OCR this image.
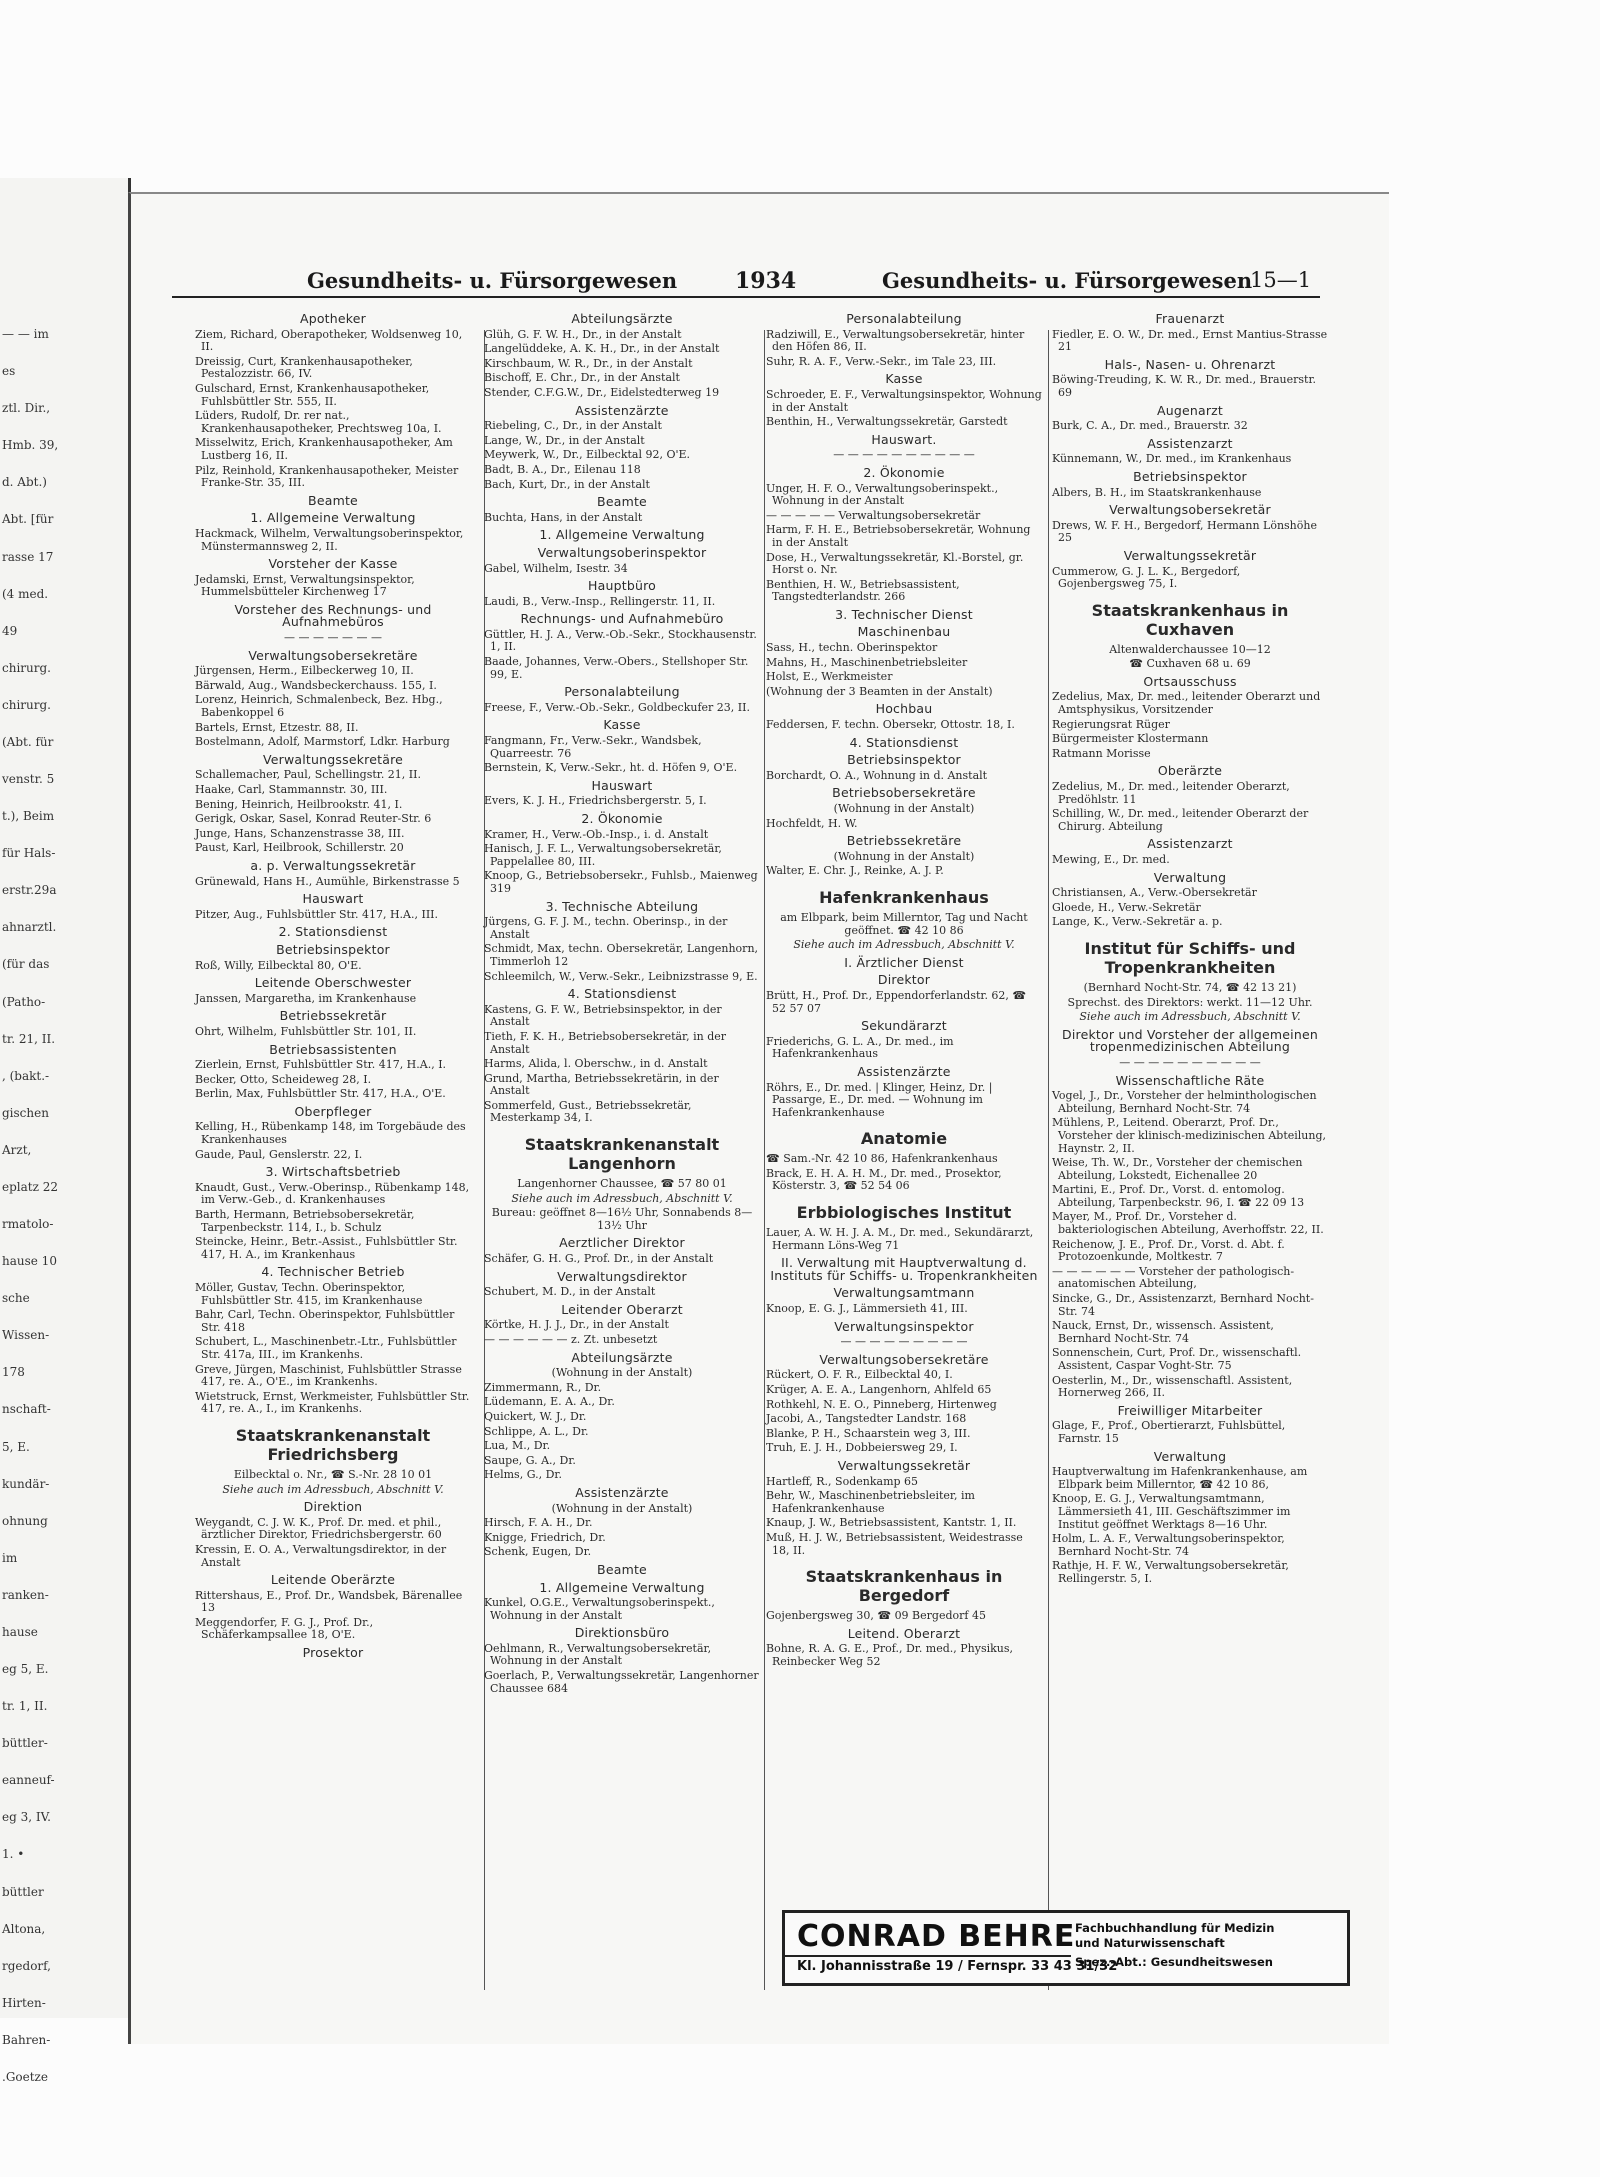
— — im
es
ztl. Dir.,
Hmb. 39,
d. Abt.)
Abt. [für
rasse 17
(4 med.
49
chirurg.
chirurg.
(Abt. für
venstr. 5
t.), Beim
für Hals-
erstr.29a
ahnarztl.
(für das
(Patho-
tr. 21, II.
, (bakt.-
gischen
Arzt,
eplatz 22
rmatolo-
hause 10
sche
Wissen-
178
nschaft-
5, E.
kundär-
ohnung
im
ranken-
hause
eg 5, E.
tr. 1, II.
büttler-
eanneuf-
eg 3, IV.
1. •
büttler
Altona,
rgedorf,
Hirten-
Bahren-
.Goetze
Gesundheits- u. Fürsorgewesen	1934	Gesundheits- u. Fürsorgewesen
15—1

Apotheker

Ziem, Richard, Oberapotheker, Woldsenweg 10, II.

Dreissig, Curt, Krankenhausapotheker, Pestalozzistr. 66, IV.

Gulschard, Ernst, Krankenhausapotheker, Fuhlsbüttler Str. 555, II.

Lüders, Rudolf, Dr. rer nat., Krankenhausapotheker, Prechtsweg 10a, I.

Misselwitz, Erich, Krankenhausapotheker, Am Lustberg 16, II.

Pilz, Reinhold, Krankenhausapotheker, Meister Franke-Str. 35, III.

Beamte

1. Allgemeine Verwaltung

Hackmack, Wilhelm, Verwaltungsoberinspektor, Münstermannsweg 2, II.

Vorsteher der Kasse

Jedamski, Ernst, Verwaltungsinspektor, Hummelsbütteler Kirchenweg 17

Vorsteher des Rechnungs- und Aufnahmebüros

— — — — — — —

Verwaltungsobersekretäre

Jürgensen, Herm., Eilbeckerweg 10, II.

Bärwald, Aug., Wandsbeckerchauss. 155, I.

Lorenz, Heinrich, Schmalenbeck, Bez. Hbg., Babenkoppel 6

Bartels, Ernst, Etzestr. 88, II.

Bostelmann, Adolf, Marmstorf, Ldkr. Harburg

Verwaltungssekretäre

Schallemacher, Paul, Schellingstr. 21, II.

Haake, Carl, Stammannstr. 30, III.

Bening, Heinrich, Heilbrookstr. 41, I.

Gerigk, Oskar, Sasel, Konrad Reuter-Str. 6

Junge, Hans, Schanzenstrasse 38, III.

Paust, Karl, Heilbrook, Schillerstr. 20

a. p. Verwaltungssekretär

Grünewald, Hans H., Aumühle, Birkenstrasse 5

Hauswart

Pitzer, Aug., Fuhlsbüttler Str. 417, H.A., III.

2. Stationsdienst

Betriebsinspektor

Roß, Willy, Eilbecktal 80, O'E.

Leitende Oberschwester

Janssen, Margaretha, im Krankenhause

Betriebssekretär

Ohrt, Wilhelm, Fuhlsbüttler Str. 101, II.

Betriebsassistenten

Zierlein, Ernst, Fuhlsbüttler Str. 417, H.A., I.

Becker, Otto, Scheideweg 28, I.

Berlin, Max, Fuhlsbüttler Str. 417, H.A., O'E.

Oberpfleger

Kelling, H., Rübenkamp 148, im Torgebäude des Krankenhauses

Gaude, Paul, Genslerstr. 22, I.

3. Wirtschaftsbetrieb

Knaudt, Gust., Verw.-Oberinsp., Rübenkamp 148, im Verw.-Geb., d. Krankenhauses

Barth, Hermann, Betriebsobersekretär, Tarpenbeckstr. 114, I., b. Schulz

Steincke, Heinr., Betr.-Assist., Fuhlsbüttler Str. 417, H. A., im Krankenhaus

4. Technischer Betrieb

Möller, Gustav, Techn. Oberinspektor, Fuhlsbüttler Str. 415, im Krankenhause

Bahr, Carl, Techn. Oberinspektor, Fuhlsbüttler Str. 418

Schubert, L., Maschinenbetr.-Ltr., Fuhlsbüttler Str. 417a, III., im Krankenhs.

Greve, Jürgen, Maschinist, Fuhlsbüttler Strasse 417, re. A., O'E., im Krankenhs.

Wietstruck, Ernst, Werkmeister, Fuhlsbüttler Str. 417, re. A., I., im Krankenhs.

Staatskrankenanstalt Friedrichsberg

Eilbecktal o. Nr., ☎ S.-Nr. 28 10 01

Siehe auch im Adressbuch, Abschnitt V.

Direktion

Weygandt, C. J. W. K., Prof. Dr. med. et phil., ärztlicher Direktor, Friedrichsbergerstr. 60

Kressin, E. O. A., Verwaltungsdirektor, in der Anstalt

Leitende Oberärzte

Rittershaus, E., Prof. Dr., Wandsbek, Bärenallee 13

Meggendorfer, F. G. J., Prof. Dr., Schäferkampsallee 18, O'E.

Prosektor

Abteilungsärzte

Glüh, G. F. W. H., Dr., in der Anstalt

Langelüddeke, A. K. H., Dr., in der Anstalt

Kirschbaum, W. R., Dr., in der Anstalt

Bischoff, E. Chr., Dr., in der Anstalt

Stender, C.F.G.W., Dr., Eidelstedterweg 19

Assistenzärzte

Riebeling, C., Dr., in der Anstalt

Lange, W., Dr., in der Anstalt

Meywerk, W., Dr., Eilbecktal 92, O'E.

Badt, B. A., Dr., Eilenau 118

Bach, Kurt, Dr., in der Anstalt

Beamte

Buchta, Hans, in der Anstalt

1. Allgemeine Verwaltung

Verwaltungsoberinspektor

Gabel, Wilhelm, Isestr. 34

Hauptbüro

Laudi, B., Verw.-Insp., Rellingerstr. 11, II.

Rechnungs- und Aufnahmebüro

Güttler, H. J. A., Verw.-Ob.-Sekr., Stockhausenstr. 1, II.

Baade, Johannes, Verw.-Obers., Stellshoper Str. 99, E.

Personalabteilung

Freese, F., Verw.-Ob.-Sekr., Goldbeckufer 23, II.

Kasse

Fangmann, Fr., Verw.-Sekr., Wandsbek, Quarreestr. 76

Bernstein, K, Verw.-Sekr., ht. d. Höfen 9, O'E.

Hauswart

Evers, K. J. H., Friedrichsbergerstr. 5, I.

2. Ökonomie

Kramer, H., Verw.-Ob.-Insp., i. d. Anstalt

Hanisch, J. F. L., Verwaltungsobersekretär, Pappelallee 80, III.

Knoop, G., Betriebsobersekr., Fuhlsb., Maienweg 319

3. Technische Abteilung

Jürgens, G. F. J. M., techn. Oberinsp., in der Anstalt

Schmidt, Max, techn. Obersekretär, Langenhorn, Timmerloh 12

Schleemilch, W., Verw.-Sekr., Leibnizstrasse 9, E.

4. Stationsdienst

Kastens, G. F. W., Betriebsinspektor, in der Anstalt

Tieth, F. K. H., Betriebsobersekretär, in der Anstalt

Harms, Alida, l. Oberschw., in d. Anstalt

Grund, Martha, Betriebssekretärin, in der Anstalt

Sommerfeld, Gust., Betriebssekretär, Mesterkamp 34, I.

Staatskrankenanstalt Langenhorn

Langenhorner Chaussee, ☎ 57 80 01

Siehe auch im Adressbuch, Abschnitt V.

Bureau: geöffnet 8—16½ Uhr, Sonnabends 8—13½ Uhr

Aerztlicher Direktor

Schäfer, G. H. G., Prof. Dr., in der Anstalt

Verwaltungsdirektor

Schubert, M. D., in der Anstalt

Leitender Oberarzt

Körtke, H. J. J., Dr., in der Anstalt

— — — — — — z. Zt. unbesetzt

Abteilungsärzte

(Wohnung in der Anstalt)

Zimmermann, R., Dr.

Lüdemann, E. A. A., Dr.

Quickert, W. J., Dr.

Schlippe, A. L., Dr.

Lua, M., Dr.

Saupe, G. A., Dr.

Helms, G., Dr.

Assistenzärzte

(Wohnung in der Anstalt)

Hirsch, F. A. H., Dr.

Knigge, Friedrich, Dr.

Schenk, Eugen, Dr.

Beamte

1. Allgemeine Verwaltung

Kunkel, O.G.E., Verwaltungsoberinspekt., Wohnung in der Anstalt

Direktionsbüro

Oehlmann, R., Verwaltungsobersekretär, Wohnung in der Anstalt

Goerlach, P., Verwaltungssekretär, Langenhorner Chaussee 684

Personalabteilung

Radziwill, E., Verwaltungsobersekretär, hinter den Höfen 86, II.

Suhr, R. A. F., Verw.-Sekr., im Tale 23, III.

Kasse

Schroeder, E. F., Verwaltungsinspektor, Wohnung in der Anstalt

Benthin, H., Verwaltungssekretär, Garstedt

Hauswart.

— — — — — — — — — —

2. Ökonomie

Unger, H. F. O., Verwaltungsoberinspekt., Wohnung in der Anstalt

— — — — — Verwaltungsobersekretär

Harm, F. H. E., Betriebsobersekretär, Wohnung in der Anstalt

Dose, H., Verwaltungssekretär, Kl.-Borstel, gr. Horst o. Nr.

Benthien, H. W., Betriebsassistent, Tangstedterlandstr. 266

3. Technischer Dienst

Maschinenbau

Sass, H., techn. Oberinspektor

Mahns, H., Maschinenbetriebsleiter

Holst, E., Werkmeister

(Wohnung der 3 Beamten in der Anstalt)

Hochbau

Feddersen, F. techn. Obersekr, Ottostr. 18, I.

4. Stationsdienst

Betriebsinspektor

Borchardt, O. A., Wohnung in d. Anstalt

Betriebsobersekretäre

(Wohnung in der Anstalt)

Hochfeldt, H. W.

Betriebssekretäre

(Wohnung in der Anstalt)

Walter, E. Chr. J., Reinke, A. J. P.

Hafenkrankenhaus

am Elbpark, beim Millerntor, Tag und Nacht geöffnet. ☎ 42 10 86

Siehe auch im Adressbuch, Abschnitt V.

I. Ärztlicher Dienst

Direktor

Brütt, H., Prof. Dr., Eppendorferlandstr. 62, ☎ 52 57 07

Sekundärarzt

Friederichs, G. L. A., Dr. med., im Hafenkrankenhaus

Assistenzärzte

Röhrs, E., Dr. med. | Klinger, Heinz, Dr. | Passarge, E., Dr. med. — Wohnung im Hafenkrankenhause

Anatomie

☎ Sam.-Nr. 42 10 86, Hafenkrankenhaus

Brack, E. H. A. H. M., Dr. med., Prosektor, Kösterstr. 3, ☎ 52 54 06

Erbbiologisches Institut

Lauer, A. W. H. J. A. M., Dr. med., Sekundärarzt, Hermann Löns-Weg 71

II. Verwaltung mit Hauptverwaltung d. Instituts für Schiffs- u. Tropenkrankheiten

Verwaltungsamtmann

Knoop, E. G. J., Lämmersieth 41, III.

Verwaltungsinspektor

— — — — — — — — —

Verwaltungsobersekretäre

Rückert, O. F. R., Eilbecktal 40, I.

Krüger, A. E. A., Langenhorn, Ahlfeld 65

Rothkehl, N. E. O., Pinneberg, Hirtenweg

Jacobi, A., Tangstedter Landstr. 168

Blanke, P. H., Schaarstein weg 3, III.

Truh, E. J. H., Dobbeiersweg 29, I.

Verwaltungssekretär

Hartleff, R., Sodenkamp 65

Behr, W., Maschinenbetriebsleiter, im Hafenkrankenhause

Knaup, J. W., Betriebsassistent, Kantstr. 1, II.

Muß, H. J. W., Betriebsassistent, Weidestrasse 18, II.

Staatskrankenhaus in Bergedorf

Gojenbergsweg 30, ☎ 09 Bergedorf 45

Leitend. Oberarzt

Bohne, R. A. G. E., Prof., Dr. med., Physikus, Reinbecker Weg 52

Frauenarzt

Fiedler, E. O. W., Dr. med., Ernst Mantius-Strasse 21

Hals-, Nasen- u. Ohrenarzt

Böwing-Treuding, K. W. R., Dr. med., Brauerstr. 69

Augenarzt

Burk, C. A., Dr. med., Brauerstr. 32

Assistenzarzt

Künnemann, W., Dr. med., im Krankenhaus

Betriebsinspektor

Albers, B. H., im Staatskrankenhause

Verwaltungsobersekretär

Drews, W. F. H., Bergedorf, Hermann Lönshöhe 25

Verwaltungssekretär

Cummerow, G. J. L. K., Bergedorf, Gojenbergsweg 75, I.

Staatskrankenhaus in Cuxhaven

Altenwalderchaussee 10—12

☎ Cuxhaven 68 u. 69

Ortsausschuss

Zedelius, Max, Dr. med., leitender Oberarzt und Amtsphysikus, Vorsitzender

Regierungsrat Rüger

Bürgermeister Klostermann

Ratmann Morisse

Oberärzte

Zedelius, M., Dr. med., leitender Oberarzt, Predöhlstr. 11

Schilling, W., Dr. med., leitender Oberarzt der Chirurg. Abteilung

Assistenzarzt

Mewing, E., Dr. med.

Verwaltung

Christiansen, A., Verw.-Obersekretär

Gloede, H., Verw.-Sekretär

Lange, K., Verw.-Sekretär a. p.

Institut für Schiffs- und Tropenkrankheiten

(Bernhard Nocht-Str. 74, ☎ 42 13 21)

Sprechst. des Direktors: werkt. 11—12 Uhr.

Siehe auch im Adressbuch, Abschnitt V.

Direktor und Vorsteher der allgemeinen tropenmedizinischen Abteilung

— — — — — — — — — —

Wissenschaftliche Räte

Vogel, J., Dr., Vorsteher der helminthologischen Abteilung, Bernhard Nocht-Str. 74

Mühlens, P., Leitend. Oberarzt, Prof. Dr., Vorsteher der klinisch-medizinischen Abteilung, Haynstr. 2, II.

Weise, Th. W., Dr., Vorsteher der chemischen Abteilung, Lokstedt, Eichenallee 20

Martini, E., Prof. Dr., Vorst. d. entomolog. Abteilung, Tarpenbeckstr. 96, I. ☎ 22 09 13

Mayer, M., Prof. Dr., Vorsteher d. bakteriologischen Abteilung, Averhoffstr. 22, II.

Reichenow, J. E., Prof. Dr., Vorst. d. Abt. f. Protozoenkunde, Moltkestr. 7

— — — — — — Vorsteher der pathologisch-anatomischen Abteilung,

Sincke, G., Dr., Assistenzarzt, Bernhard Nocht-Str. 74

Nauck, Ernst, Dr., wissensch. Assistent, Bernhard Nocht-Str. 74

Sonnenschein, Curt, Prof. Dr., wissenschaftl. Assistent, Caspar Voght-Str. 75

Oesterlin, M., Dr., wissenschaftl. Assistent, Hornerweg 266, II.

Freiwilliger Mitarbeiter

Glage, F., Prof., Obertierarzt, Fuhlsbüttel, Farnstr. 15

Verwaltung

Hauptverwaltung im Hafenkrankenhause, am Elbpark beim Millerntor, ☎ 42 10 86,

Knoop, E. G. J., Verwaltungsamtmann, Lämmersieth 41, III. Geschäftszimmer im Institut geöffnet Werktags 8—16 Uhr.

Holm, L. A. F., Verwaltungsoberinspektor, Bernhard Nocht-Str. 74

Rathje, H. F. W., Verwaltungsobersekretär, Rellingerstr. 5, I.

CONRAD BEHRE
Kl. Johannisstraße 19 / Fernspr. 33 43 31/32
Fachbuchhandlung für Medizin
und Naturwissenschaft
Spez.-Abt.: Gesundheitswesen
